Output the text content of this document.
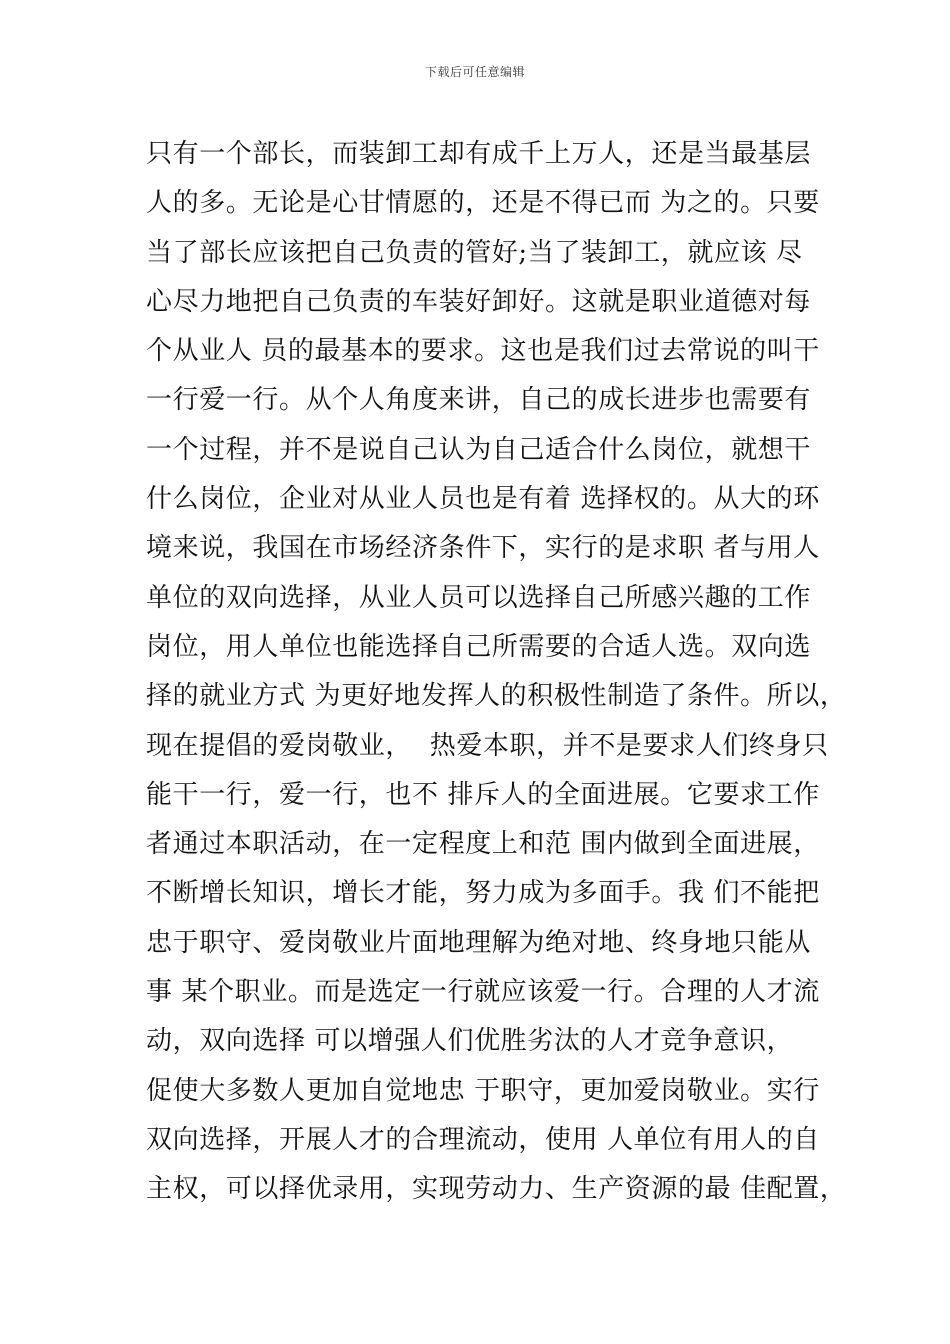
下载后可任意编辑
只有一个部长，而装卸工却有成千上万人，还是当最基层
人的多。无论是心甘情愿的，还是不得已而 为之的。只要
当了部长应该把自己负责的管好;当了装卸工，就应该 尽
心尽力地把自己负责的车装好卸好。这就是职业道德对每
个从业人 员的最基本的要求。这也是我们过去常说的叫干
一行爱一行。从个人角度来讲，自己的成长进步也需要有
一个过程，并不是说自己认为自己适合什么岗位，就想干
什么岗位，企业对从业人员也是有着 选择权的。从大的环
境来说，我国在市场经济条件下，实行的是求职 者与用人
单位的双向选择，从业人员可以选择自己所感兴趣的工作
岗位，用人单位也能选择自己所需要的合适人选。双向选
择的就业方式 为更好地发挥人的积极性制造了条件。所以，
现在提倡的爱岗敬业，  热爱本职，并不是要求人们终身只
能干一行，爱一行，也不 排斥人的全面进展。它要求工作
者通过本职活动，在一定程度上和范 围内做到全面进展，
不断增长知识，增长才能，努力成为多面手。我 们不能把
忠于职守、爱岗敬业片面地理解为绝对地、终身地只能从
事 某个职业。而是选定一行就应该爱一行。合理的人才流
动，双向选择 可以增强人们优胜劣汰的人才竞争意识，
促使大多数人更加自觉地忠 于职守，更加爱岗敬业。实行
双向选择，开展人才的合理流动，使用 人单位有用人的自
主权，可以择优录用，实现劳动力、生产资源的最 佳配置，
